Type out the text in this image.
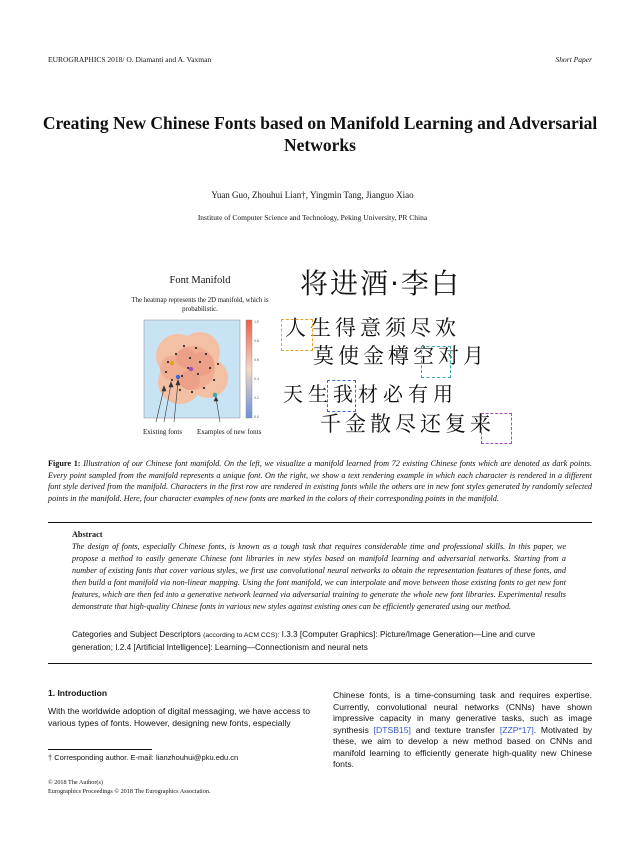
EUROGRAPHICS 2018/ O. Diamanti and A. Vaxman	Short Paper
Creating New Chinese Fonts based on Manifold Learning and Adversarial Networks
Yuan Guo, Zhouhui Lian†, Yingmin Tang, Jianguo Xiao
Institute of Computer Science and Technology, Peking University, PR China
Font Manifold
The heatmap represents the 2D manifold, which is probabilistic.
1.0
0.8
0.6
0.4
0.2
0.0
Existing fonts Examples of new fonts
将进酒·李白
人生得意须尽欢
莫使金樽空对月
天生我材必有用
千金散尽还复来
Figure 1: Illustration of our Chinese font manifold. On the left, we visualize a manifold learned from 72 existing Chinese fonts which are denoted as dark points. Every point sampled from the manifold represents a unique font. On the right, we show a text rendering example in which each character is rendered in a different font style derived from the manifold. Characters in the first row are rendered in existing fonts while the others are in new font styles generated by randomly selected points in the manifold. Here, four character examples of new fonts are marked in the colors of their corresponding points in the manifold.
Abstract
The design of fonts, especially Chinese fonts, is known as a tough task that requires considerable time and professional skills. In this paper, we propose a method to easily generate Chinese font libraries in new styles based on manifold learning and adversarial networks. Starting from a number of existing fonts that cover various styles, we first use convolutional neural networks to obtain the representation features of these fonts, and then build a font manifold via non-linear mapping. Using the font manifold, we can interpolate and move between those existing fonts to get new font features, which are then fed into a generative network learned via adversarial training to generate the whole new font libraries. Experimental results demonstrate that high-quality Chinese fonts in various new styles against existing ones can be efficiently generated using our method.
Categories and Subject Descriptors (according to ACM CCS): I.3.3 [Computer Graphics]: Picture/Image Generation—Line and curve generation; I.2.4 [Artificial Intelligence]: Learning—Connectionism and neural nets
1. Introduction
With the worldwide adoption of digital messaging, we have access to various types of fonts. However, designing new fonts, especially
Chinese fonts, is a time-consuming task and requires expertise. Currently, convolutional neural networks (CNNs) have shown impressive capacity in many generative tasks, such as image synthesis [DTSB15] and texture transfer [ZZP*17]. Motivated by these, we aim to develop a new method based on CNNs and manifold learning to efficiently generate high-quality new Chinese fonts.
† Corresponding author. E-mail: lianzhouhui@pku.edu.cn
© 2018 The Author(s)
Eurographics Proceedings © 2018 The Eurographics Association.
